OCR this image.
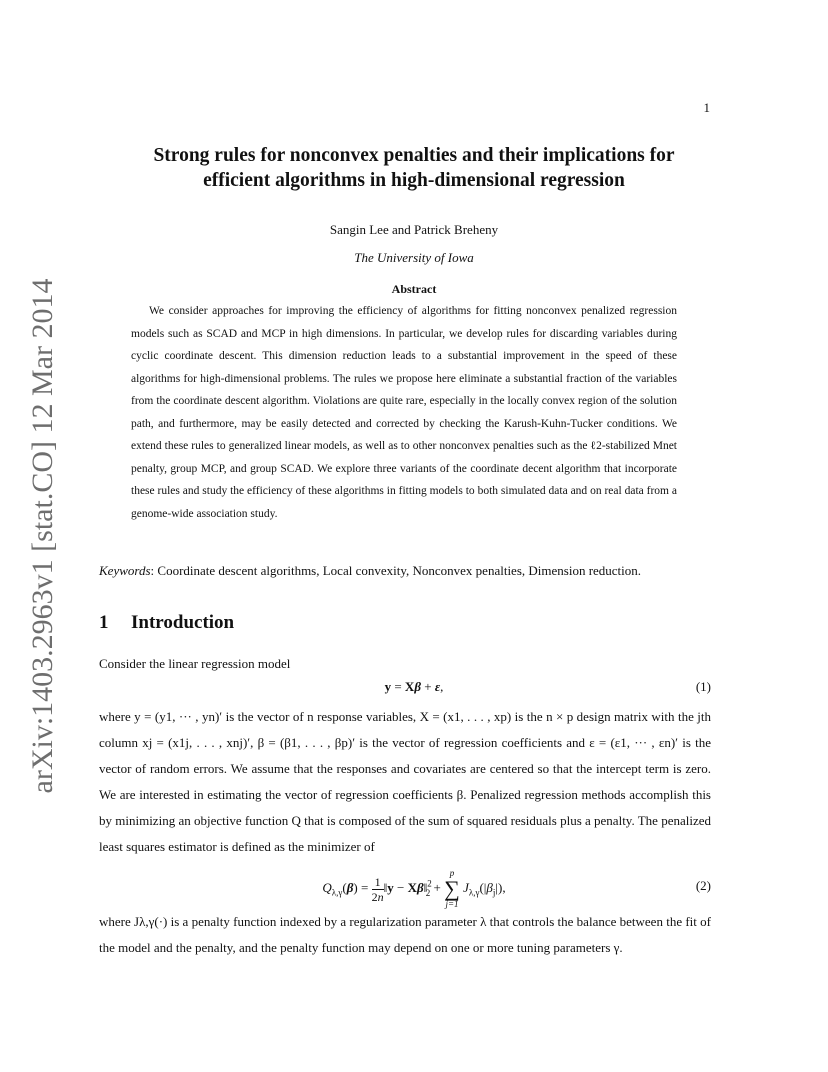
arXiv:1403.2963v1 [stat.CO] 12 Mar 2014
1
Strong rules for nonconvex penalties and their implications for
efficient algorithms in high-dimensional regression
Sangin Lee and Patrick Breheny
The University of Iowa
Abstract
We consider approaches for improving the efficiency of algorithms for fitting nonconvex penalized regression models such as SCAD and MCP in high dimensions. In particular, we develop rules for discarding variables during cyclic coordinate descent. This dimension reduction leads to a substantial improvement in the speed of these algorithms for high-dimensional problems. The rules we propose here eliminate a substantial fraction of the variables from the coordinate descent algorithm. Violations are quite rare, especially in the locally convex region of the solution path, and furthermore, may be easily detected and corrected by checking the Karush-Kuhn-Tucker conditions. We extend these rules to generalized linear models, as well as to other nonconvex penalties such as the ℓ2-stabilized Mnet penalty, group MCP, and group SCAD. We explore three variants of the coordinate decent algorithm that incorporate these rules and study the efficiency of these algorithms in fitting models to both simulated data and on real data from a genome-wide association study.
Keywords: Coordinate descent algorithms, Local convexity, Nonconvex penalties, Dimension reduction.
1 Introduction
Consider the linear regression model
y = Xβ + ε,	(1)
where y = (y1, ··· , yn)′ is the vector of n response variables, X = (x1, . . . , xp) is the n × p design matrix with the jth column xj = (x1j, . . . , xnj)′, β = (β1, . . . , βp)′ is the vector of regression coefficients and ε = (ε1, ··· , εn)′ is the vector of random errors. We assume that the responses and covariates are centered so that the intercept term is zero. We are interested in estimating the vector of regression coefficients β. Penalized regression methods accomplish this by minimizing an objective function Q that is composed of the sum of squared residuals plus a penalty. The penalized least squares estimator is defined as the minimizer of
$Q_{\lambda,\gamma}(\beta) = \frac{1}{2n}$ ‖y − Xβ‖$^2_2$ +
p
∑
j=1
$J_{\lambda,\gamma}(|\beta_j|)$,	(2)
where Jλ,γ(·) is a penalty function indexed by a regularization parameter λ that controls the balance between the fit of the model and the penalty, and the penalty function may depend on one or more tuning parameters γ.
